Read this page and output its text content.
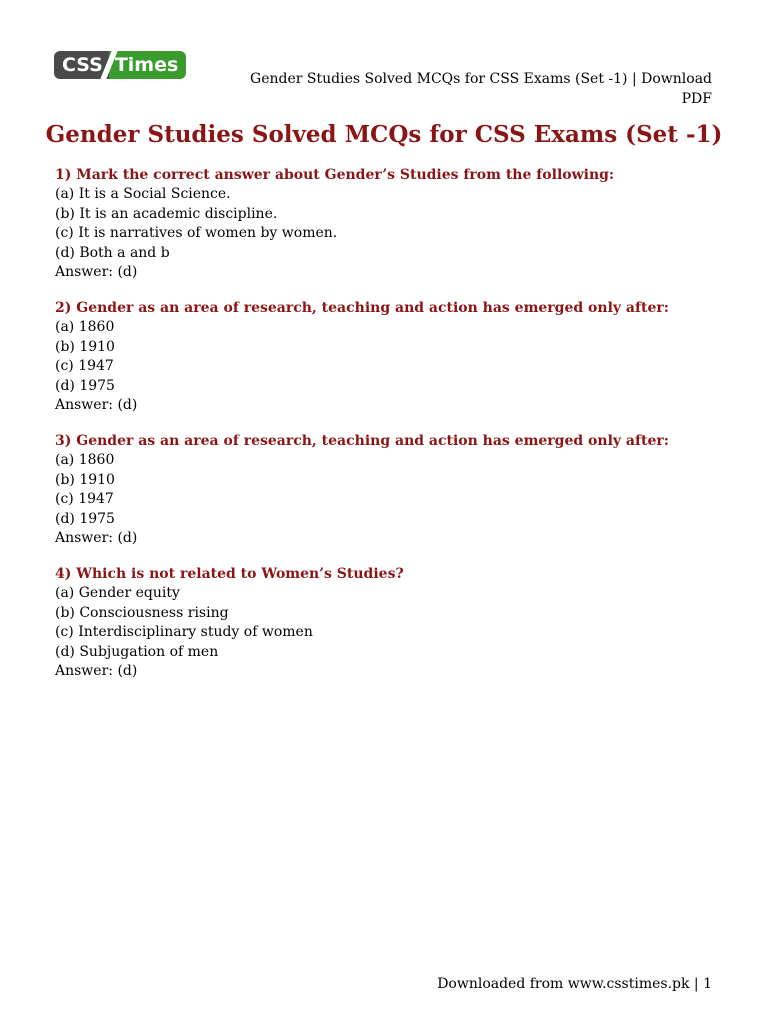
CSS Times
Gender Studies Solved MCQs for CSS Exams (Set -1) | Download PDF
Gender Studies Solved MCQs for CSS Exams (Set -1)
1) Mark the correct answer about Gender’s Studies from the following:
(a) It is a Social Science.
(b) It is an academic discipline.
(c) It is narratives of women by women.
(d) Both a and b
Answer: (d)
2) Gender as an area of research, teaching and action has emerged only after:
(a) 1860
(b) 1910
(c) 1947
(d) 1975
Answer: (d)
3) Gender as an area of research, teaching and action has emerged only after:
(a) 1860
(b) 1910
(c) 1947
(d) 1975
Answer: (d)
4) Which is not related to Women’s Studies?
(a) Gender equity
(b) Consciousness rising
(c) Interdisciplinary study of women
(d) Subjugation of men
Answer: (d)
Downloaded from www.csstimes.pk | 1
